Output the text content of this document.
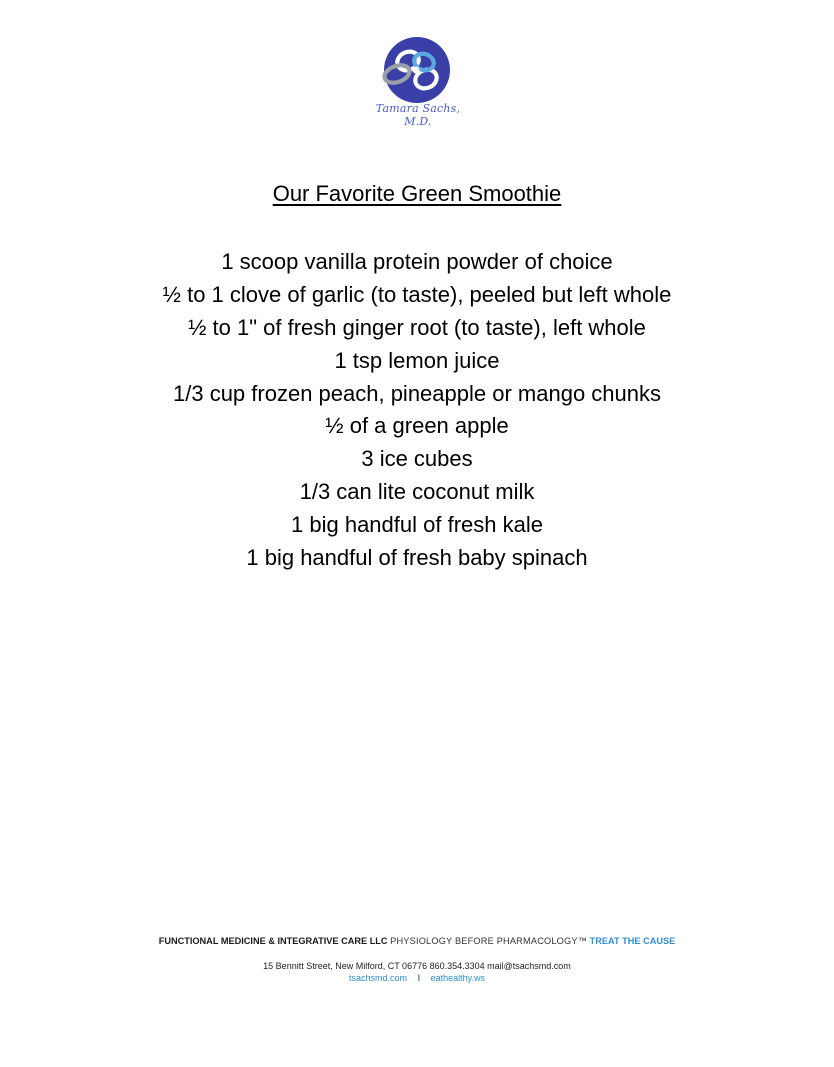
Tamara Sachs, M.D.
Our Favorite Green Smoothie
1 scoop vanilla protein powder of choice
½ to 1 clove of garlic (to taste), peeled but left whole
½ to 1" of fresh ginger root (to taste), left whole
1 tsp lemon juice
1/3 cup frozen peach, pineapple or mango chunks
½ of a green apple
3 ice cubes
1/3 can lite coconut milk
1 big handful of fresh kale
1 big handful of fresh baby spinach
FUNCTIONAL MEDICINE & INTEGRATIVE CARE LLC PHYSIOLOGY BEFORE PHARMACOLOGY™ TREAT THE CAUSE
15 Bennitt Street, New Milford, CT 06776 860.354.3304 mail@tsachsmd.com
tsachsmd.com I eathealthy.ws
